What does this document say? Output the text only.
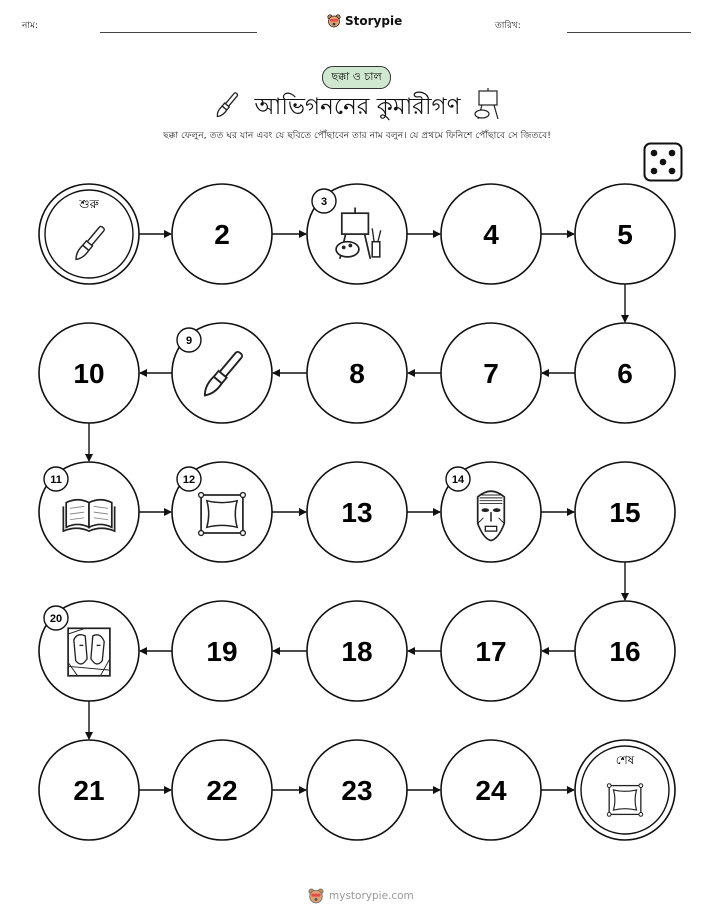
নাম:	Storypie	তারিখ:
ছক্কা ও চাল
আভিগননের কুমারীগণ
ছক্কা ফেলুন, তত ঘর যান এবং যে ছবিতে পৌঁছাবেন তার নাম বলুন। যে প্রথমে ফিনিশে পৌঁছাবে সে জিতবে!
শুরু
2
3
4	5
6
7
8
9
10
11	12
13
14
15
16
17
18
19
20
21	22	23	24
শেষ
mystorypie.com
